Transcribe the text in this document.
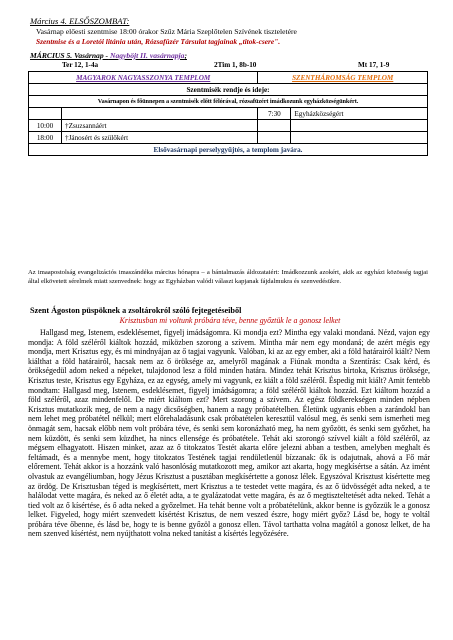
Március 4. ELSŐSZOMBAT:
Vasárnap előesti szentmise 18:00 órakor Szűz Mária Szeplőtelen Szívének tiszteletére
Szentmise és a Loretói litánia után, Rózsafüzér Társulat tagjainak „titok-csere".
MÁRCIUS 5. Vasárnap - Nagyböjt II. vasárnapja;
Ter 12, 1-4a	2Tim 1, 8b-10	Mt 17, 1-9
MAGYAROK NAGYASSZONYA TEMPLOM		SZENTHÁROMSÁG TEMPLOM	
Szentmisék rendje és ideje:			
Vasárnapon és főünnepen a szentmisék előtt félórával, rózsafüzért imádkozunk egyházközségünkért.			
		7:30	Egyházközségért
10:00	†Zsuzsannáért		
18:00	†Jánosért és szülőkért		
Elsővasárnapi perselygyűjtés, a templom javára.			
Az imaapostolság evangelizációs imaszándéka március hónapra – a bántalmazás áldozataiért: Imádkozzunk azokért, akik az egyházi közösség tagjai által elkövetett sérelmek miatt szenvednek: hogy az Egyházban valódi választ kapjanak fájdalmukra és szenvedésükre.
Szent Ágoston püspöknek a zsoltárokról szóló fejtegetéseiből
Krisztusban mi voltunk próbára téve, benne győztük le a gonosz lelket
Hallgasd meg, Istenem, esdeklésemet, figyelj imádságomra. Ki mondja ezt? Mintha egy valaki mondaná. Nézd, vajon egy mondja: A föld széléről kiáltok hozzád, miközben szorong a szívem. Mintha már nem egy mondaná; de azért mégis egy mondja, mert Krisztus egy, és mi mindnyájan az ő tagjai vagyunk. Valóban, ki az az egy ember, aki a föld határairól kiált? Nem kiálthat a föld határairól, hacsak nem az ő öröksége az, amelyről magának a Fiúnak mondta a Szentírás: Csak kérd, és örökségedül adom neked a népeket, tulajdonod lesz a föld minden határa. Mindez tehát Krisztus birtoka, Krisztus öröksége, Krisztus teste, Krisztus egy Egyháza, ez az egység, amely mi vagyunk, ez kiált a föld széléről. Éspedig mit kiált? Amit fentebb mondtam: Hallgasd meg, Istenem, esdeklésemet, figyelj imádságomra; a föld széléről kiáltok hozzád. Ezt kiáltom hozzád a föld széléről, azaz mindenfelől. De miért kiáltom ezt? Mert szorong a szívem. Az egész földkerekségen minden népben Krisztus mutatkozik meg, de nem a nagy dicsőségben, hanem a nagy próbatételben. Életünk ugyanis ebben a zarándokl ban nem lehet meg próbatétel nélkül; mert előrehaladásunk csak próbatételen keresztül valósul meg, és senki sem ismerheti meg önmagát sem, hacsak előbb nem volt próbára téve, és senki sem koronázható meg, ha nem győzött, és senki sem győzhet, ha nem küzdött, és senki sem küzdhet, ha nincs ellensége és próbatétele. Tehát aki szorongó szívvel kiált a föld széléről, az mégsem elhagyatott. Hiszen minket, azaz az ő titokzatos Testét akarta előre jelezni abban a testben, amelyben meghalt és feltámadt, és a mennybe ment, hogy titokzatos Testének tagjai rendületlenül bízzanak: ők is odajutnak, ahová a Fő már előrement. Tehát akkor is a hozzánk való hasonlóság mutatkozott meg, amikor azt akarta, hogy megkísértse a sátán. Az imént olvastuk az evangéliumban, hogy Jézus Krisztust a pusztában megkísértette a gonosz lélek. Egyszóval Krisztust kísértette meg az ördög. De Krisztusban téged is megkísértett, mert Krisztus a te testedet vette magára, és az ő üdvösségét adta neked, a te halálodat vette magára, és neked az ő életét adta, a te gyalázatodat vette magára, és az ő megtiszteltetését adta neked. Tehát a tied volt az ő kísértése, és ő adta neked a győzelmet. Ha tehát benne volt a próbatételünk, akkor benne is győzzük le a gonosz lelket. Figyeled, hogy miért szenvedett kísértést Krisztus, de nem veszed észre, hogy miért győz? Lásd be, hogy te voltál próbára téve őbenne, és lásd be, hogy te is benne győzöl a gonosz ellen. Távol tarthatta volna magától a gonosz lelket, de ha nem szenved kísértést, nem nyújthatott volna neked tanítást a kísértés legyőzésére.
